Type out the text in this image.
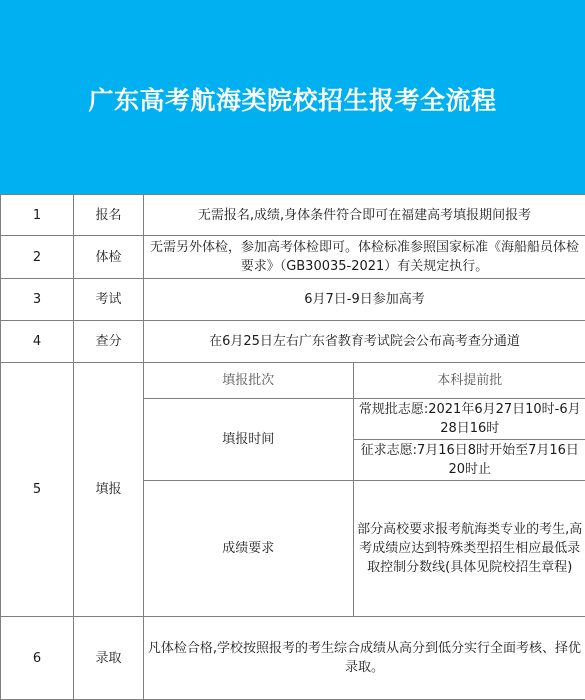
广东高考航海类院校招生报考全流程
1	报名	无需报名,成绩,身体条件符合即可在福建高考填报期间报考
2	体检	无需另外体检，参加高考体检即可。体检标准参照国家标准《海船船员体检要求》（GB30035-2021）有关规定执行。
3	考试	6月7日-9日参加高考
4	查分	在6月25日左右广东省教育考试院会公布高考查分通道
5	填报	
填报批次	本科提前批
填报时间	常规批志愿:2021年6月27日10时-6月28日16时
征求志愿:7月16日8时开始至7月16日20时止
成绩要求	部分高校要求报考航海类专业的考生,高考成绩应达到特殊类型招生相应最低录取控制分数线(具体见院校招生章程)

6	录取	凡体检合格,学校按照报考的考生综合成绩从高分到低分实行全面考核、择优录取。
